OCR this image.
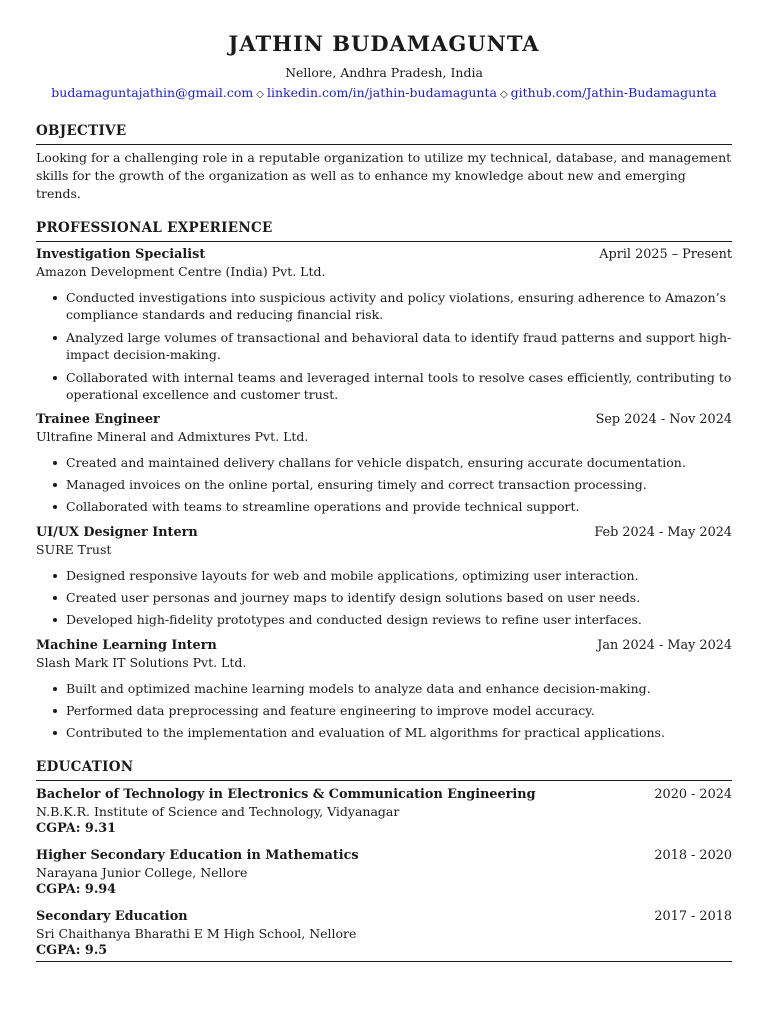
JATHIN BUDAMAGUNTA
Nellore, Andhra Pradesh, India
budamaguntajathin@gmail.com ◇ linkedin.com/in/jathin-budamagunta ◇ github.com/Jathin-Budamagunta
OBJECTIVE
Looking for a challenging role in a reputable organization to utilize my technical, database, and management skills for the growth of the organization as well as to enhance my knowledge about new and emerging trends.
PROFESSIONAL EXPERIENCE
Investigation Specialist	April 2025 – Present
Amazon Development Centre (India) Pvt. Ltd.
Conducted investigations into suspicious activity and policy violations, ensuring adherence to Amazon’s compliance standards and reducing financial risk.
Analyzed large volumes of transactional and behavioral data to identify fraud patterns and support high-impact decision-making.
Collaborated with internal teams and leveraged internal tools to resolve cases efficiently, contributing to operational excellence and customer trust.
Trainee Engineer	Sep 2024 - Nov 2024
Ultrafine Mineral and Admixtures Pvt. Ltd.
Created and maintained delivery challans for vehicle dispatch, ensuring accurate documentation.
Managed invoices on the online portal, ensuring timely and correct transaction processing.
Collaborated with teams to streamline operations and provide technical support.
UI/UX Designer Intern	Feb 2024 - May 2024
SURE Trust
Designed responsive layouts for web and mobile applications, optimizing user interaction.
Created user personas and journey maps to identify design solutions based on user needs.
Developed high-fidelity prototypes and conducted design reviews to refine user interfaces.
Machine Learning Intern	Jan 2024 - May 2024
Slash Mark IT Solutions Pvt. Ltd.
Built and optimized machine learning models to analyze data and enhance decision-making.
Performed data preprocessing and feature engineering to improve model accuracy.
Contributed to the implementation and evaluation of ML algorithms for practical applications.
EDUCATION
Bachelor of Technology in Electronics & Communication Engineering	2020 - 2024
N.B.K.R. Institute of Science and Technology, Vidyanagar
CGPA: 9.31
Higher Secondary Education in Mathematics	2018 - 2020
Narayana Junior College, Nellore
CGPA: 9.94
Secondary Education	2017 - 2018
Sri Chaithanya Bharathi E M High School, Nellore
CGPA: 9.5
